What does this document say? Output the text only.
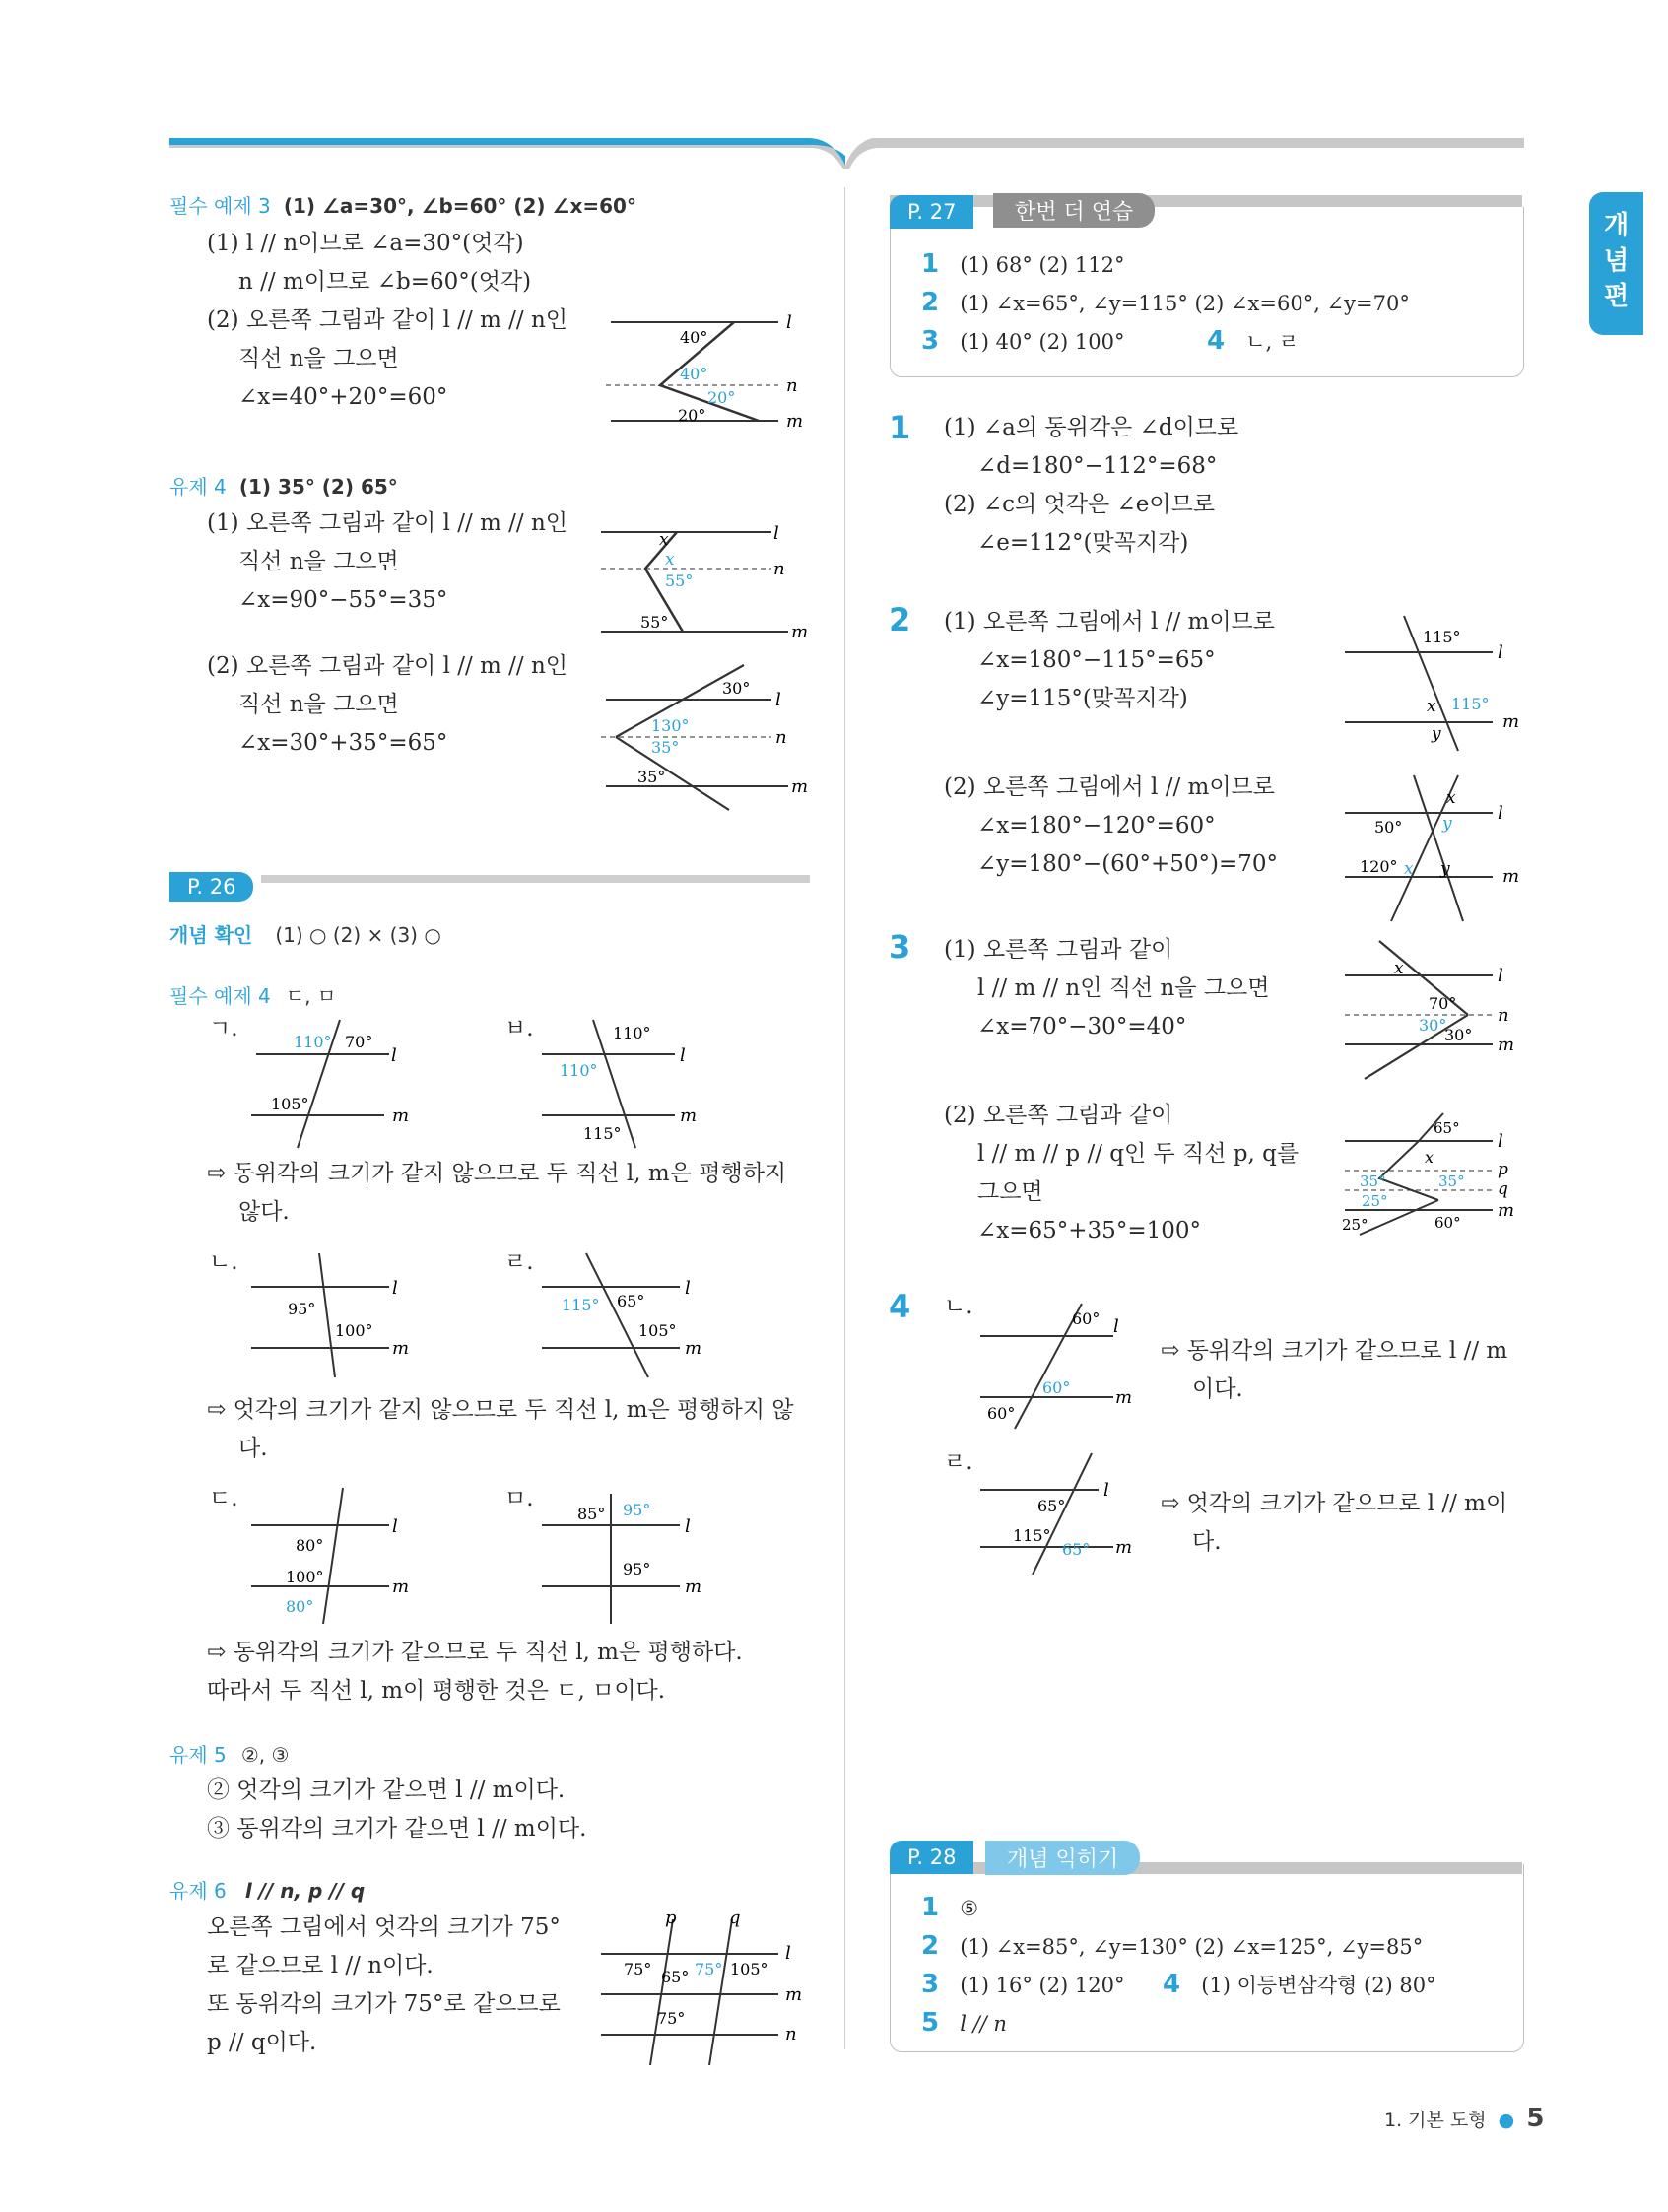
개
념
편
필수 예제 3 (1) ∠a=30°, ∠b=60° (2) ∠x=60°
(1) l // n이므로 ∠a=30°(엇각)
n // m이므로 ∠b=60°(엇각)
(2) 오른쪽 그림과 같이 l // m // n인
직선 n을 그으면
∠x=40°+20°=60°
40°
40°
20°
20°
l
n
m
유제 4 (1) 35° (2) 65°
(1) 오른쪽 그림과 같이 l // m // n인
직선 n을 그으면
∠x=90°−55°=35°
x
x
55°
55°
l
n
m
(2) 오른쪽 그림과 같이 l // m // n인
직선 n을 그으면
∠x=30°+35°=65°
30°
130°
35°
35°
l
n
m
P. 26
개념 확인 (1) ○ (2) × (3) ○
필수 예제 4 ㄷ, ㅁ
ㄱ.
110° 70°
105°
l
m
ㅂ.	110°
110°
115°
l
m
⇨ 동위각의 크기가 같지 않으므로 두 직선 l, m은 평행하지
않다.
ㄴ.
95°
100°
l
m
ㄹ.
115° 65°
105°
l
m
⇨ 엇각의 크기가 같지 않으므로 두 직선 l, m은 평행하지 않
다.
ㄷ.
80°
100°
80°
l
m
ㅁ.
85° 95°
95°
l
m
⇨ 동위각의 크기가 같으므로 두 직선 l, m은 평행하다.
따라서 두 직선 l, m이 평행한 것은 ㄷ, ㅁ이다.
유제 5 ②, ③
② 엇각의 크기가 같으면 l // m이다.
③ 동위각의 크기가 같으면 l // m이다.
유제 6 l // n, p // q
오른쪽 그림에서 엇각의 크기가 75°
로 같으므로 l // n이다.
또 동위각의 크기가 75°로 같으므로
p // q이다.
p	q
75° 65° 75° 105°
75°
l
m
n
P. 27	한번 더 연습
1 (1) 68° (2) 112°
2 (1) ∠x=65°, ∠y=115° (2) ∠x=60°, ∠y=70°
3 (1) 40° (2) 100°	4 ㄴ, ㄹ
1 (1) ∠a의 동위각은 ∠d이므로
∠d=180°−112°=68°
(2) ∠c의 엇각은 ∠e이므로
∠e=112°(맞꼭지각)
2 (1) 오른쪽 그림에서 l // m이므로
∠x=180°−115°=65°
∠y=115°(맞꼭지각)
115°
115°
x
y
l
m
(2) 오른쪽 그림에서 l // m이므로
∠x=180°−120°=60°
∠y=180°−(60°+50°)=70°
x
y
50°
120° x y
l
m
3 (1) 오른쪽 그림과 같이
l // m // n인 직선 n을 그으면
∠x=70°−30°=40°
x
70°
30°
30°
l
n
m
(2) 오른쪽 그림과 같이
l // m // p // q인 두 직선 p, q를
그으면
∠x=65°+35°=100°
65°
x
35°	35°
25°
25°	60°
l
p
q
m
4 ㄴ.	60°
60°
60°
l
m
⇨ 동위각의 크기가 같으므로 l // m
이다.
ㄹ.
65°
115°
65°
l
m
⇨ 엇각의 크기가 같으므로 l // m이
다.
P. 28	개념 익히기
1 ⑤
2 (1) ∠x=85°, ∠y=130° (2) ∠x=125°, ∠y=85°
3 (1) 16° (2) 120° 4 (1) 이등변삼각형 (2) 80°
5 l // n
1. 기본 도형 ● 5
